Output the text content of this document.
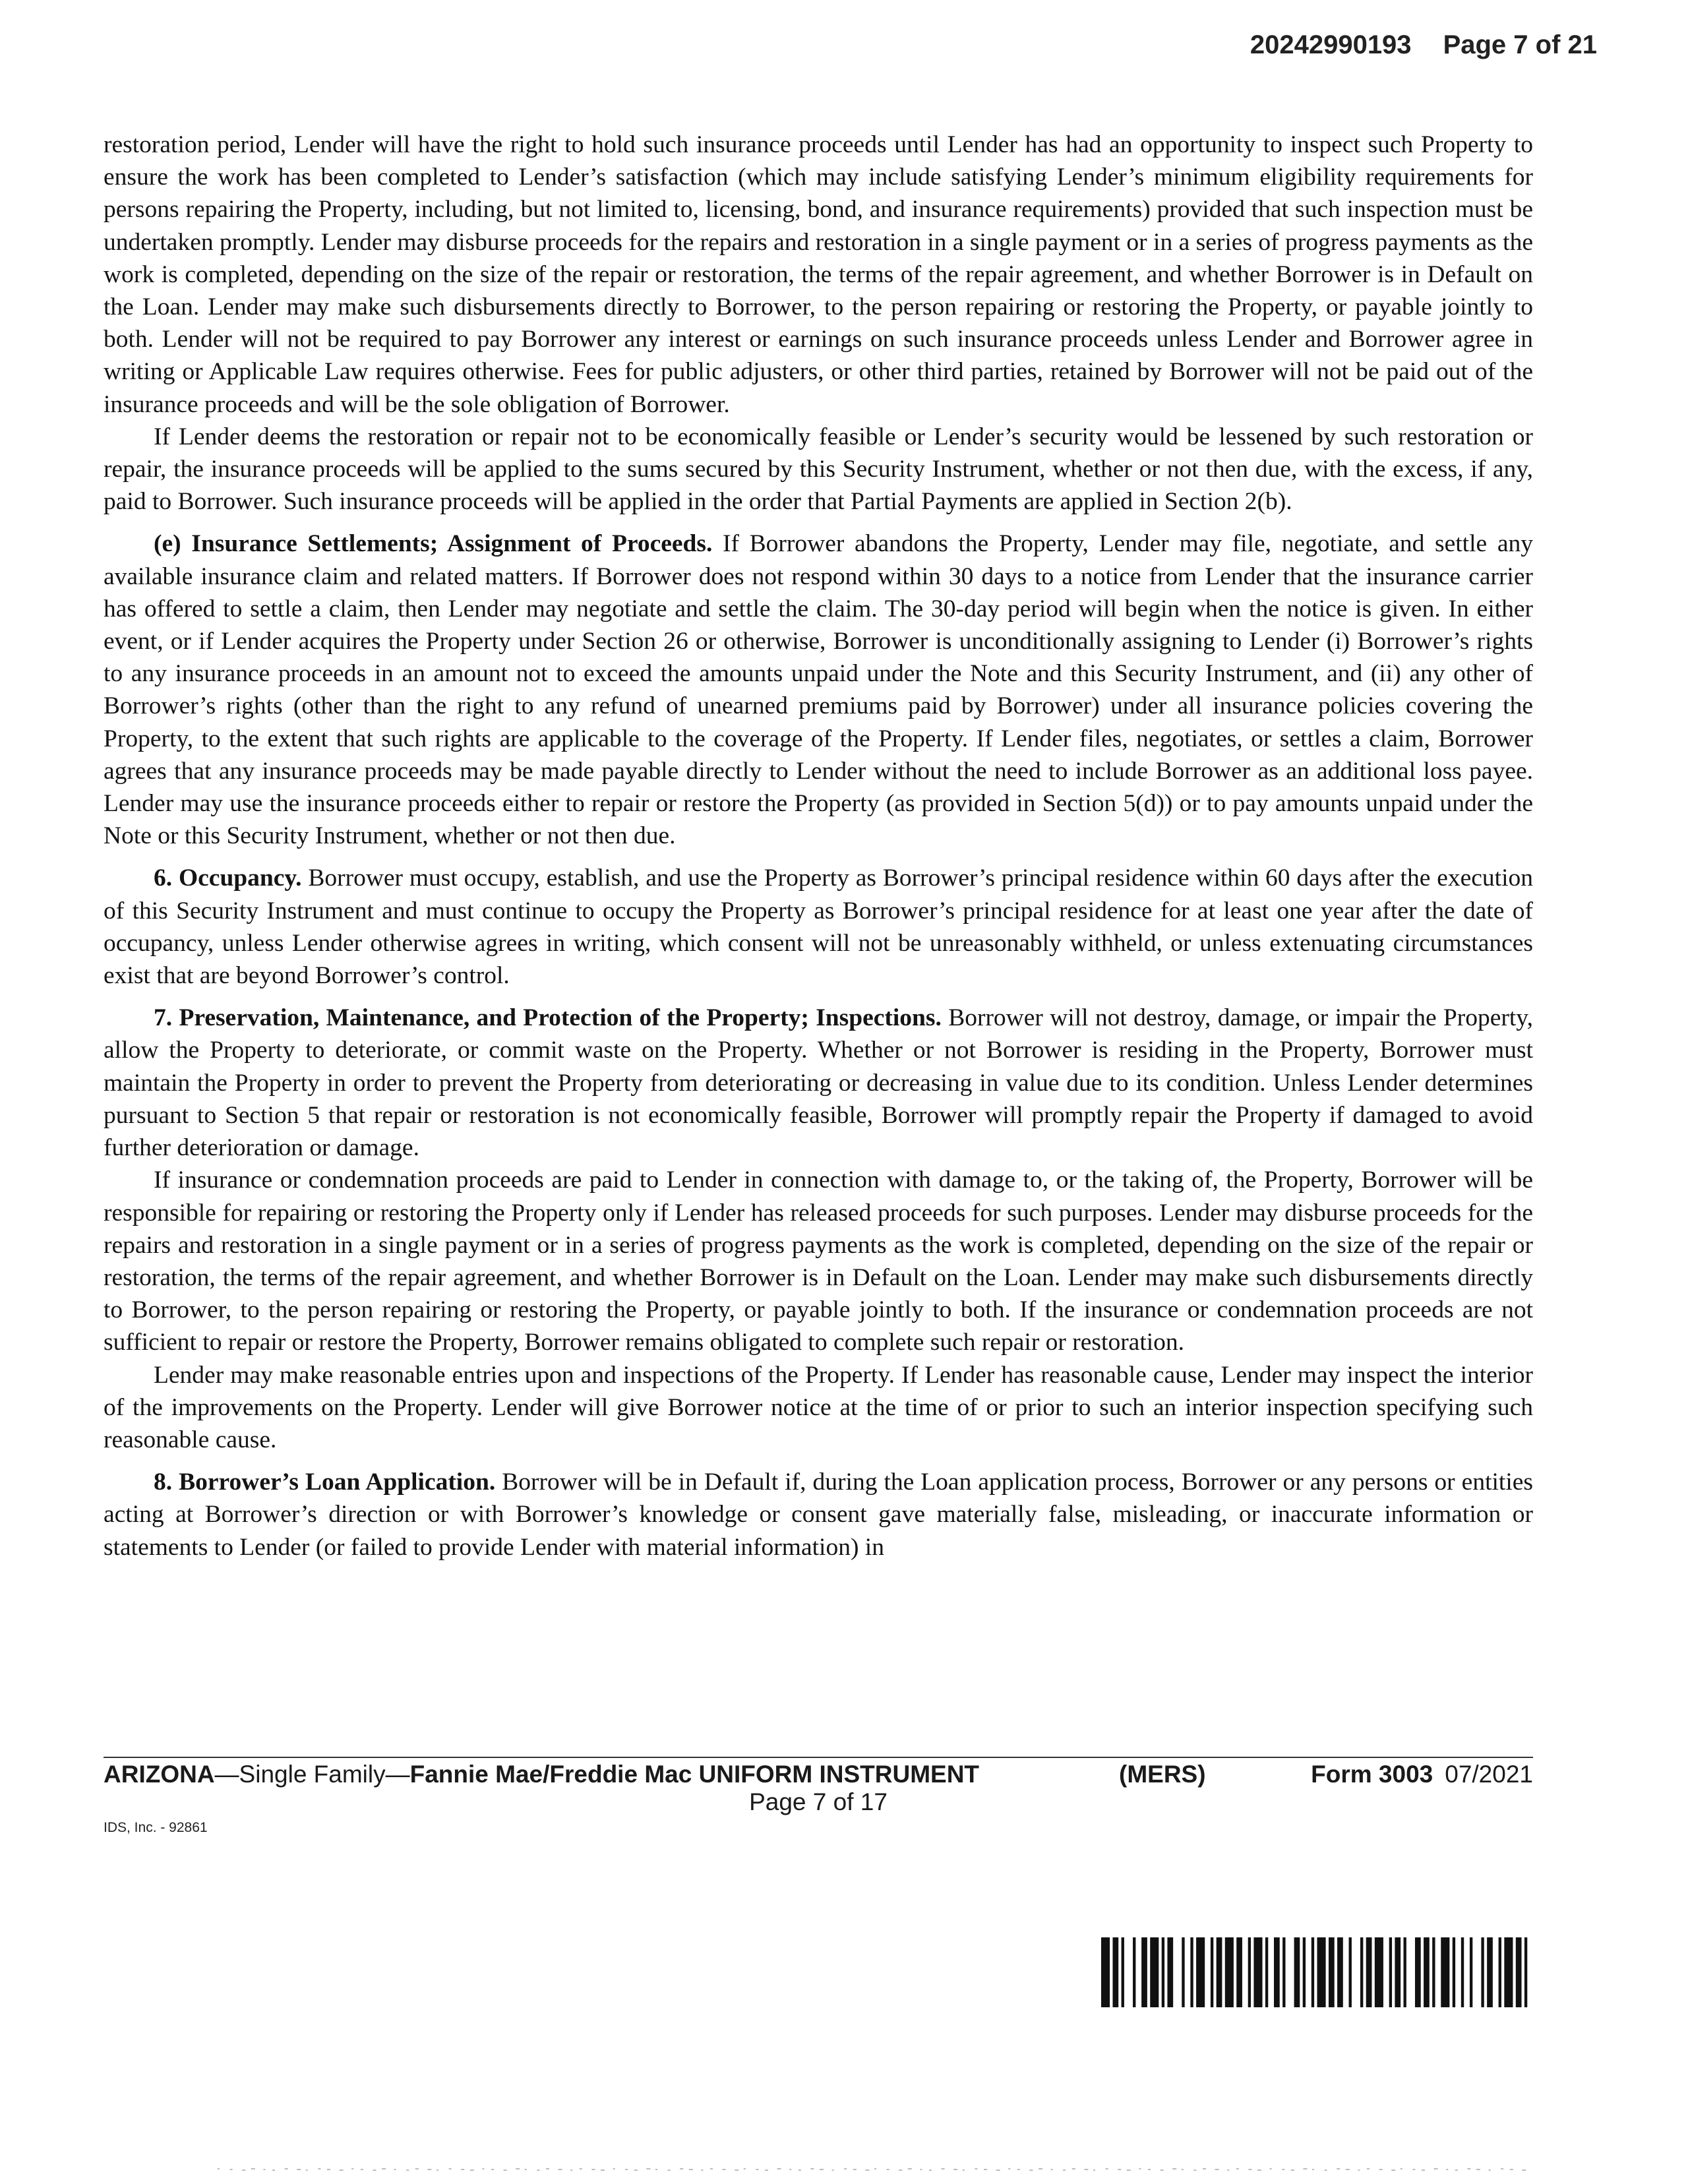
20242990193 Page 7 of 21

restoration period, Lender will have the right to hold such insurance proceeds until Lender has had an opportunity to inspect such Property to ensure the work has been completed to Lender’s satisfaction (which may include satisfying Lender’s minimum eligibility requirements for persons repairing the Property, including, but not limited to, licensing, bond, and insurance requirements) provided that such inspection must be undertaken promptly. Lender may disburse proceeds for the repairs and restoration in a single payment or in a series of progress payments as the work is completed, depending on the size of the repair or restoration, the terms of the repair agreement, and whether Borrower is in Default on the Loan. Lender may make such disbursements directly to Borrower, to the person repairing or restoring the Property, or payable jointly to both. Lender will not be required to pay Borrower any interest or earnings on such insurance proceeds unless Lender and Borrower agree in writing or Applicable Law requires otherwise. Fees for public adjusters, or other third parties, retained by Borrower will not be paid out of the insurance proceeds and will be the sole obligation of Borrower.

If Lender deems the restoration or repair not to be economically feasible or Lender’s security would be lessened by such restoration or repair, the insurance proceeds will be applied to the sums secured by this Security Instrument, whether or not then due, with the excess, if any, paid to Borrower. Such insurance proceeds will be applied in the order that Partial Payments are applied in Section 2(b).

(e) Insurance Settlements; Assignment of Proceeds. If Borrower abandons the Property, Lender may file, negotiate, and settle any available insurance claim and related matters. If Borrower does not respond within 30 days to a notice from Lender that the insurance carrier has offered to settle a claim, then Lender may negotiate and settle the claim. The 30-day period will begin when the notice is given. In either event, or if Lender acquires the Property under Section 26 or otherwise, Borrower is unconditionally assigning to Lender (i) Borrower’s rights to any insurance proceeds in an amount not to exceed the amounts unpaid under the Note and this Security Instrument, and (ii) any other of Borrower’s rights (other than the right to any refund of unearned premiums paid by Borrower) under all insurance policies covering the Property, to the extent that such rights are applicable to the coverage of the Property. If Lender files, negotiates, or settles a claim, Borrower agrees that any insurance proceeds may be made payable directly to Lender without the need to include Borrower as an additional loss payee. Lender may use the insurance proceeds either to repair or restore the Property (as provided in Section 5(d)) or to pay amounts unpaid under the Note or this Security Instrument, whether or not then due.

6. Occupancy. Borrower must occupy, establish, and use the Property as Borrower’s principal residence within 60 days after the execution of this Security Instrument and must continue to occupy the Property as Borrower’s principal residence for at least one year after the date of occupancy, unless Lender otherwise agrees in writing, which consent will not be unreasonably withheld, or unless extenuating circumstances exist that are beyond Borrower’s control.

7. Preservation, Maintenance, and Protection of the Property; Inspections. Borrower will not destroy, damage, or impair the Property, allow the Property to deteriorate, or commit waste on the Property. Whether or not Borrower is residing in the Property, Borrower must maintain the Property in order to prevent the Property from deteriorating or decreasing in value due to its condition. Unless Lender determines pursuant to Section 5 that repair or restoration is not economically feasible, Borrower will promptly repair the Property if damaged to avoid further deterioration or damage.

If insurance or condemnation proceeds are paid to Lender in connection with damage to, or the taking of, the Property, Borrower will be responsible for repairing or restoring the Property only if Lender has released proceeds for such purposes. Lender may disburse proceeds for the repairs and restoration in a single payment or in a series of progress payments as the work is completed, depending on the size of the repair or restoration, the terms of the repair agreement, and whether Borrower is in Default on the Loan. Lender may make such disbursements directly to Borrower, to the person repairing or restoring the Property, or payable jointly to both. If the insurance or condemnation proceeds are not sufficient to repair or restore the Property, Borrower remains obligated to complete such repair or restoration.

Lender may make reasonable entries upon and inspections of the Property. If Lender has reasonable cause, Lender may inspect the interior of the improvements on the Property. Lender will give Borrower notice at the time of or prior to such an interior inspection specifying such reasonable cause.

8. Borrower’s Loan Application. Borrower will be in Default if, during the Loan application process, Borrower or any persons or entities acting at Borrower’s direction or with Borrower’s knowledge or consent gave materially false, misleading, or inaccurate information or statements to Lender (or failed to provide Lender with material information) in

ARIZONA—Single Family—Fannie Mae/Freddie Mac UNIFORM INSTRUMENT	(MERS)	Form 3003 07/2021
Page 7 of 17
IDS, Inc. - 92861
